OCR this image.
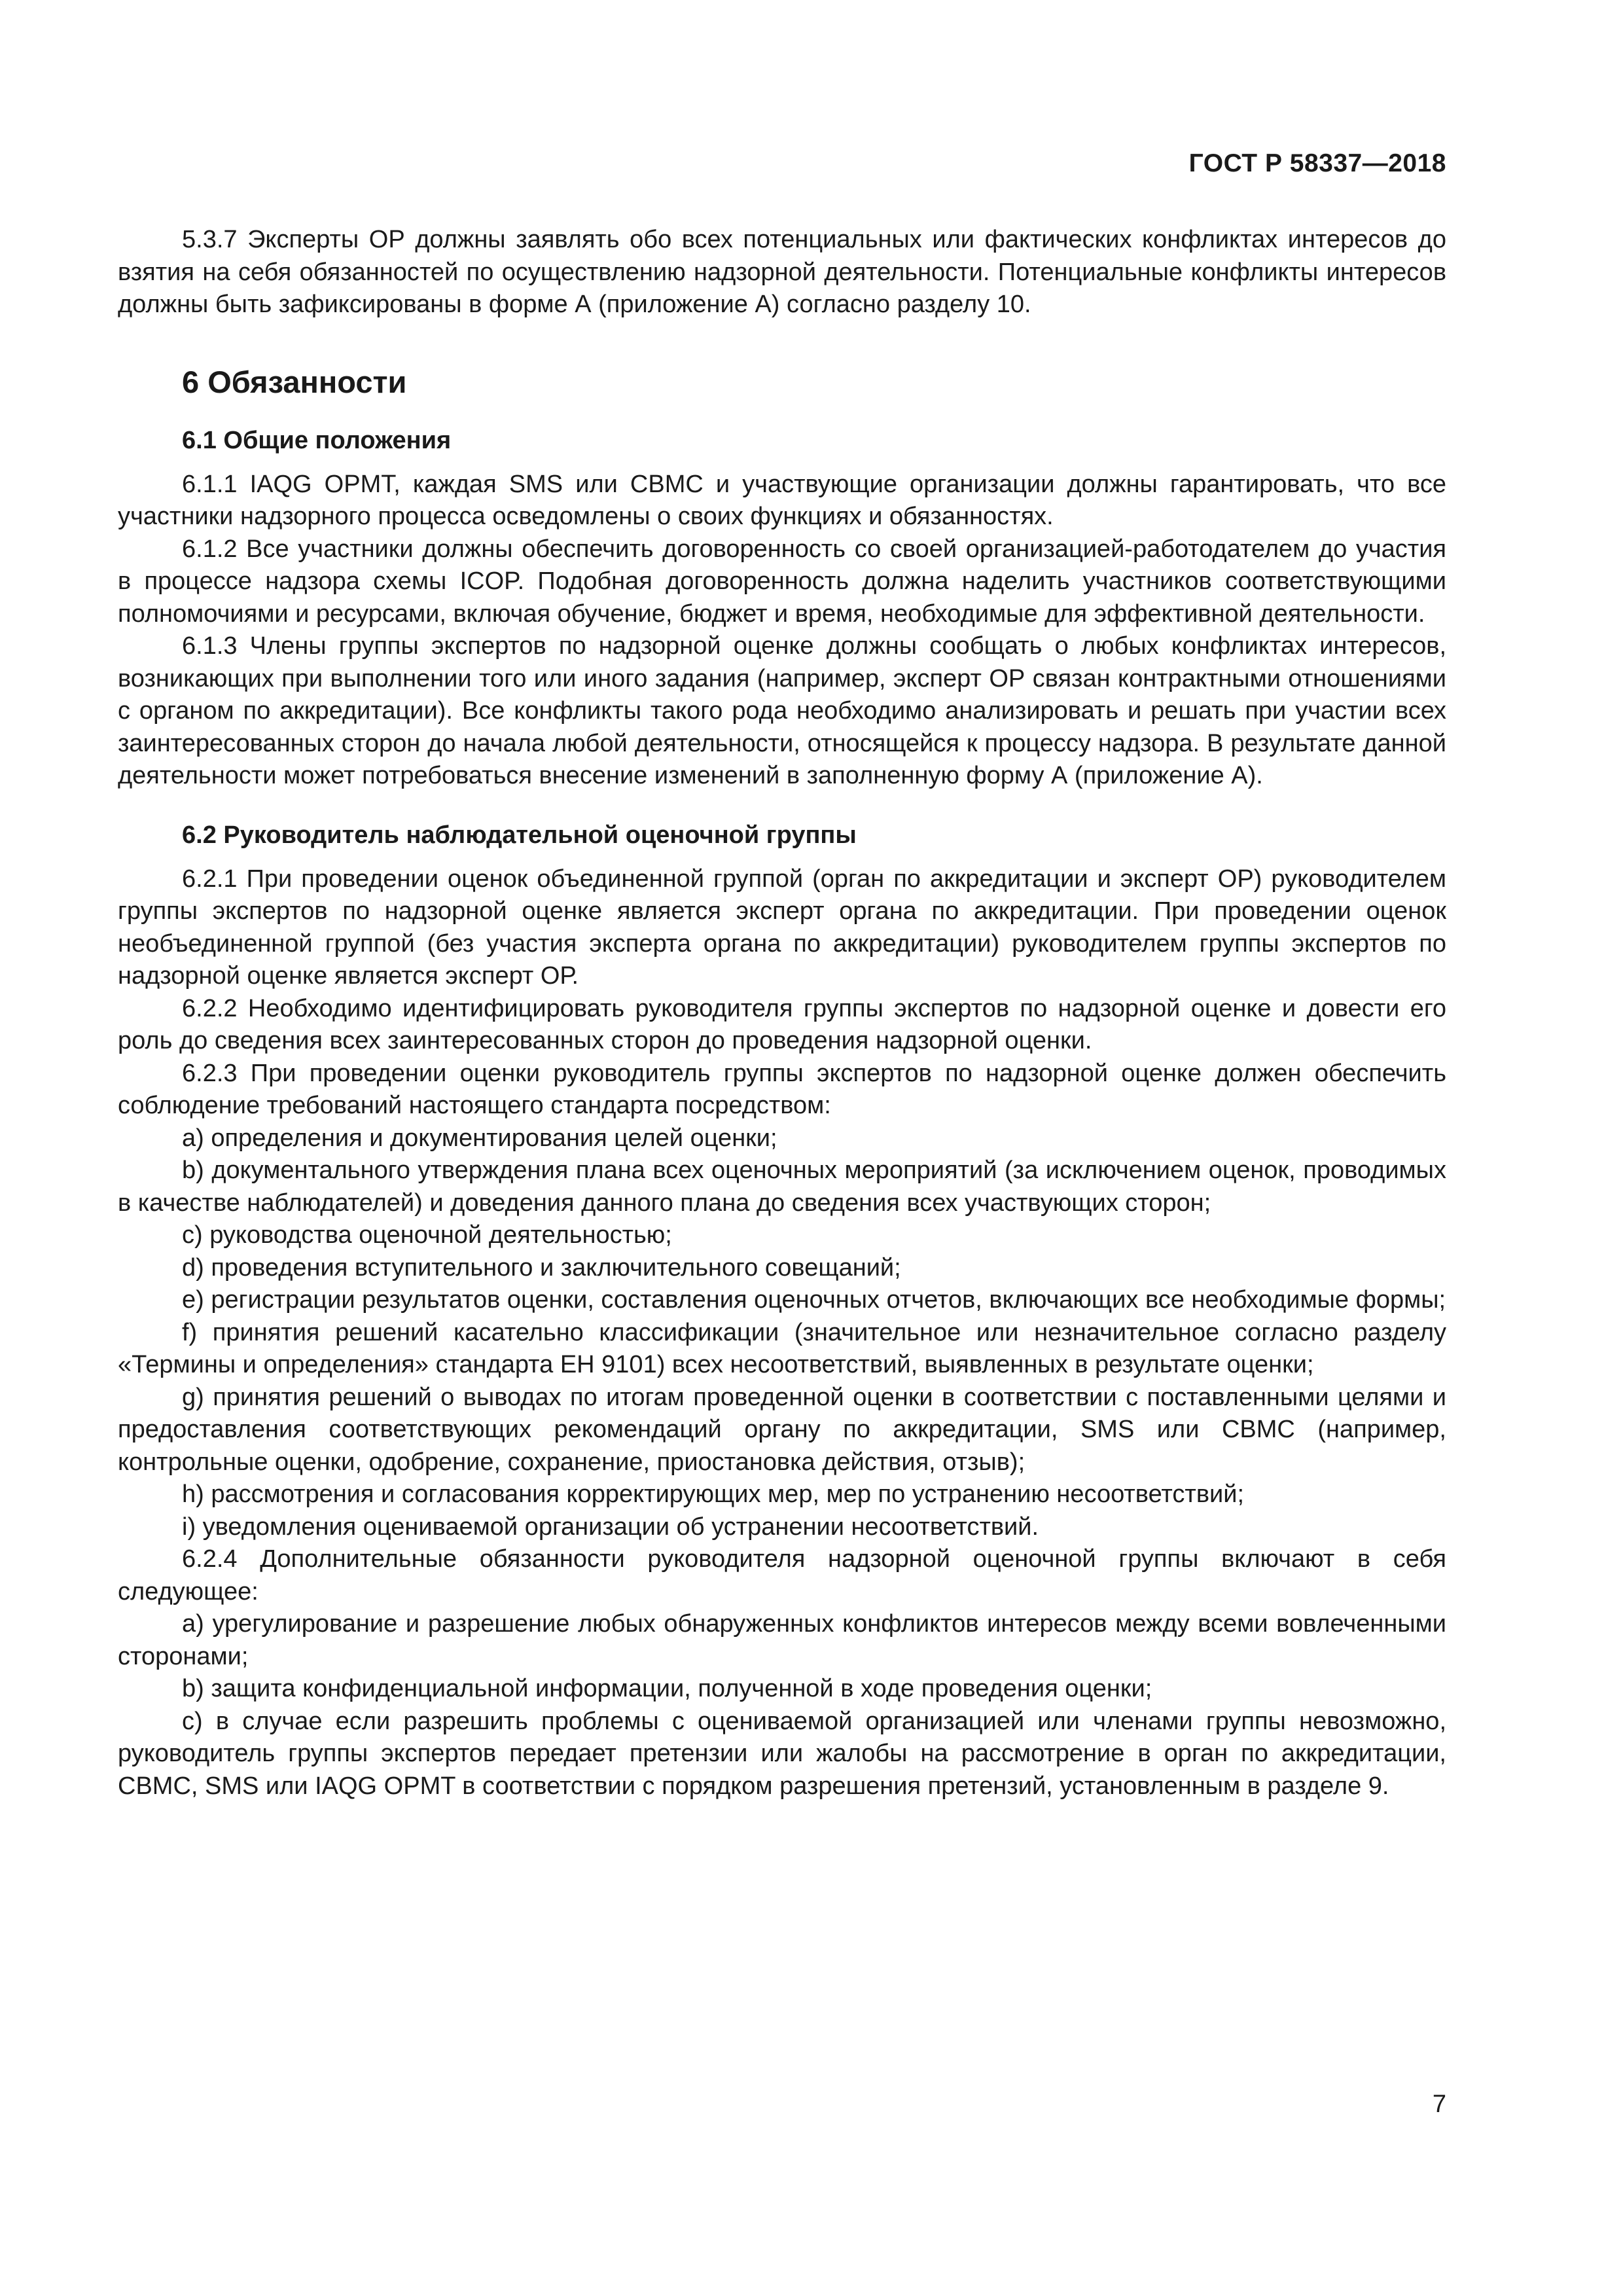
ГОСТ Р 58337—2018

5.3.7 Эксперты ОР должны заявлять обо всех потенциальных или фактических конфликтах интересов до взятия на себя обязанностей по осуществлению надзорной деятельности. Потенциальные конфликты интересов должны быть зафиксированы в форме А (приложение А) согласно разделу 10.

6 Обязанности
6.1 Общие положения

6.1.1 IAQG OPMT, каждая SMS или СВМС и участвующие организации должны гарантировать, что все участники надзорного процесса осведомлены о своих функциях и обязанностях.

6.1.2 Все участники должны обеспечить договоренность со своей организацией-работодателем до участия в процессе надзора схемы ICOP. Подобная договоренность должна наделить участников соответствующими полномочиями и ресурсами, включая обучение, бюджет и время, необходимые для эффективной деятельности.

6.1.3 Члены группы экспертов по надзорной оценке должны сообщать о любых конфликтах интересов, возникающих при выполнении того или иного задания (например, эксперт ОР связан контрактными отношениями с органом по аккредитации). Все конфликты такого рода необходимо анализировать и решать при участии всех заинтересованных сторон до начала любой деятельности, относящейся к процессу надзора. В результате данной деятельности может потребоваться внесение изменений в заполненную форму А (приложение А).

6.2 Руководитель наблюдательной оценочной группы

6.2.1 При проведении оценок объединенной группой (орган по аккредитации и эксперт ОР) руководителем группы экспертов по надзорной оценке является эксперт органа по аккредитации. При проведении оценок необъединенной группой (без участия эксперта органа по аккредитации) руководителем группы экспертов по надзорной оценке является эксперт ОР.

6.2.2 Необходимо идентифицировать руководителя группы экспертов по надзорной оценке и довести его роль до сведения всех заинтересованных сторон до проведения надзорной оценки.

6.2.3 При проведении оценки руководитель группы экспертов по надзорной оценке должен обеспечить соблюдение требований настоящего стандарта посредством:

a) определения и документирования целей оценки;

b) документального утверждения плана всех оценочных мероприятий (за исключением оценок, проводимых в качестве наблюдателей) и доведения данного плана до сведения всех участвующих сторон;

c) руководства оценочной деятельностью;

d) проведения вступительного и заключительного совещаний;

e) регистрации результатов оценки, составления оценочных отчетов, включающих все необходимые формы;

f) принятия решений касательно классификации (значительное или незначительное согласно разделу «Термины и определения» стандарта ЕН 9101) всех несоответствий, выявленных в результате оценки;

g) принятия решений о выводах по итогам проведенной оценки в соответствии с поставленными целями и предоставления соответствующих рекомендаций органу по аккредитации, SMS или СВМС (например, контрольные оценки, одобрение, сохранение, приостановка действия, отзыв);

h) рассмотрения и согласования корректирующих мер, мер по устранению несоответствий;

i) уведомления оцениваемой организации об устранении несоответствий.

6.2.4 Дополнительные обязанности руководителя надзорной оценочной группы включают в себя следующее:

a) урегулирование и разрешение любых обнаруженных конфликтов интересов между всеми вовлеченными сторонами;

b) защита конфиденциальной информации, полученной в ходе проведения оценки;

c) в случае если разрешить проблемы с оцениваемой организацией или членами группы невозможно, руководитель группы экспертов передает претензии или жалобы на рассмотрение в орган по аккредитации, СВМС, SMS или IAQG OPMT в соответствии с порядком разрешения претензий, установленным в разделе 9.

7
